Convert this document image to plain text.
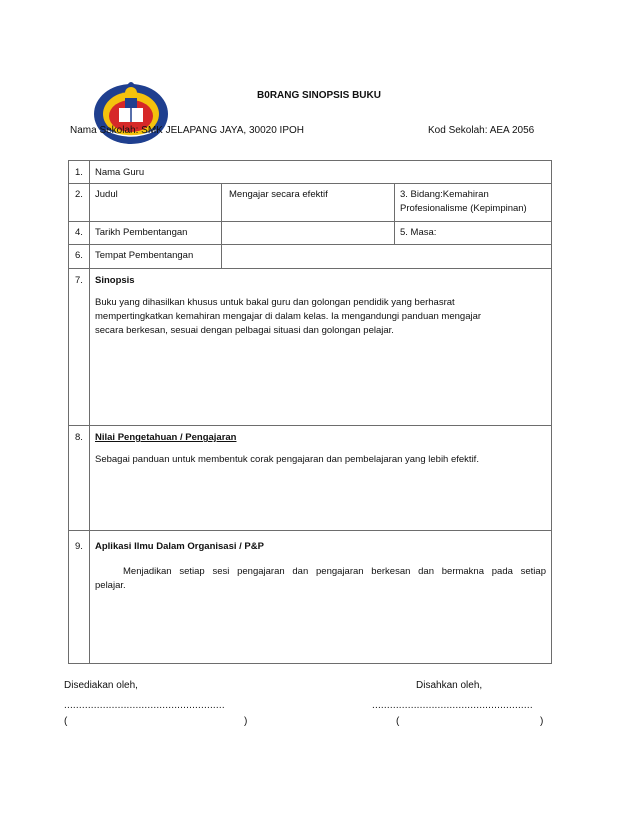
B0RANG SINOPSIS BUKU
Nama Sekolah: SMK JELAPANG JAYA, 30020 IPOH	Kod Sekolah: AEA 2056
1. Nama Guru
2. Judul	Mengajar secara efektif	3. Bidang:Kemahiran
Profesionalisme (Kepimpinan)
4. Tarikh Pembentangan	5. Masa:
6. Tempat Pembentangan
7. Sinopsis
Buku yang dihasilkan khusus untuk bakal guru dan golongan pendidik yang berhasrat
mempertingkatkan kemahiran mengajar di dalam kelas. Ia mengandungi panduan mengajar
secara berkesan, sesuai dengan pelbagai situasi dan golongan pelajar.
8. Nilai Pengetahuan / Pengajaran
Sebagai panduan untuk membentuk corak pengajaran dan pembelajaran yang lebih efektif.
9. Aplikasi Ilmu Dalam Organisasi / P&P
Menjadikan setiap sesi pengajaran dan pengajaran berkesan dan bermakna pada setiap
pelajar.
Disediakan oleh,	Disahkan oleh,
......................................................	......................................................
(	)	(	)
